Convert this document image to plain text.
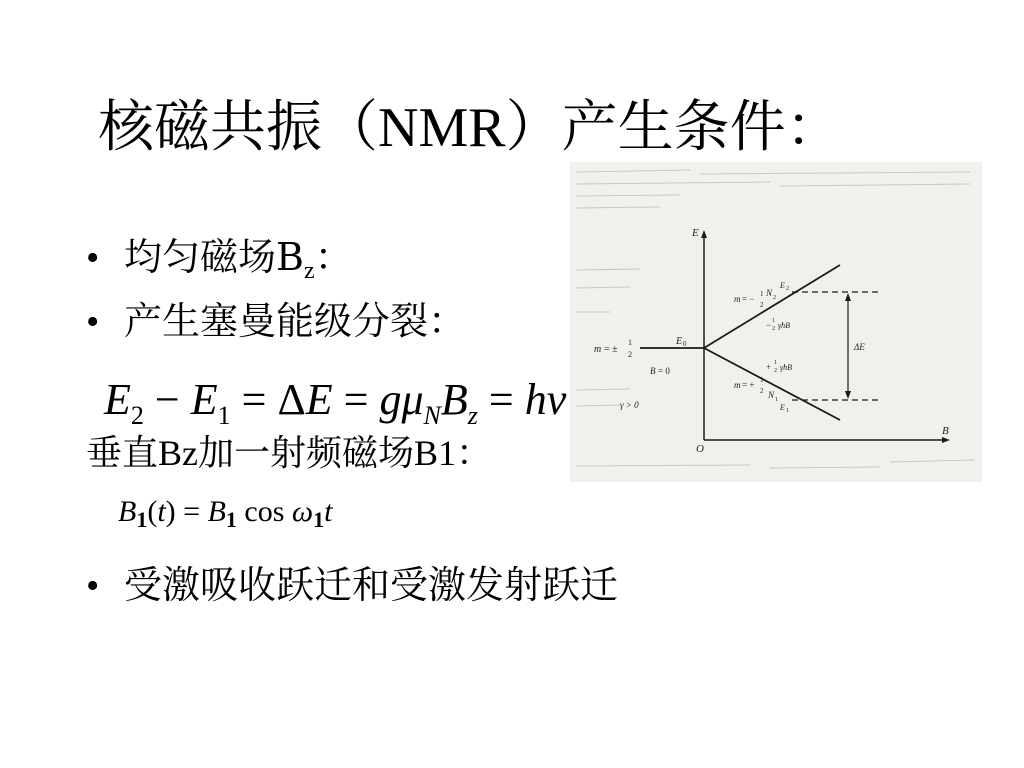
核磁共振（NMR）产生条件：
• 均匀磁场$B_z$：
• 产生塞曼能级分裂：
$E_2 - E_1 = \Delta E = g\mu_NB_z = h\nu$
垂直Bz加一射频磁场B1：
$B_1(t) = B_1$ $\cos \omega_1t$
• 受激吸收跃迁和受激发射跃迁
E
B
O
E 0
m = ±
1
2
B = 0
γ > 0
m = − 1
2
m = + 1
2
N 2
E 2
N 1
E 1
− 1
2 γħB
+ 1
2 γħB
ΔE
